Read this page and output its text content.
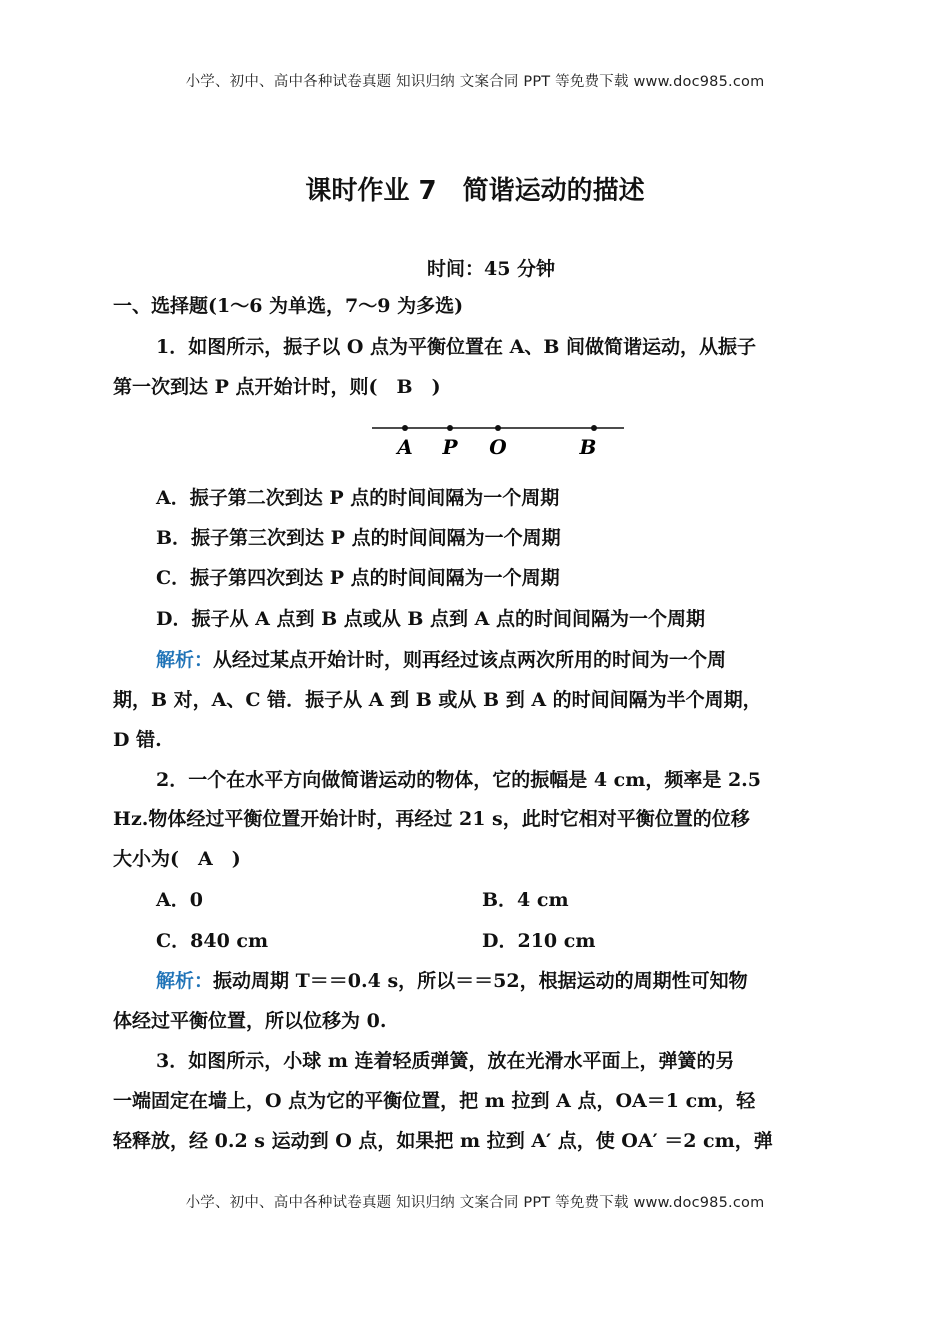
小学、初中、高中各种试卷真题 知识归纳 文案合同 PPT 等免费下载 www.doc985.com
课时作业 7　简谐运动的描述
时间：45 分钟
一、选择题(1～6 为单选，7～9 为多选)
1．如图所示，振子以 O 点为平衡位置在 A、B 间做简谐运动，从振子
第一次到达 P 点开始计时，则(　B　)
A P O	B
A．振子第二次到达 P 点的时间间隔为一个周期
B．振子第三次到达 P 点的时间间隔为一个周期
C．振子第四次到达 P 点的时间间隔为一个周期
D．振子从 A 点到 B 点或从 B 点到 A 点的时间间隔为一个周期
解析：从经过某点开始计时，则再经过该点两次所用的时间为一个周
期，B 对，A、C 错．振子从 A 到 B 或从 B 到 A 的时间间隔为半个周期，
D 错.
2．一个在水平方向做简谐运动的物体，它的振幅是 4 cm，频率是 2.5
Hz.物体经过平衡位置开始计时，再经过 21 s，此时它相对平衡位置的位移
大小为(　A　)
A．0	B．4 cm
C．840 cm	D．210 cm
解析：振动周期 T＝＝0.4 s，所以＝＝52，根据运动的周期性可知物
体经过平衡位置，所以位移为 0.
3．如图所示，小球 m 连着轻质弹簧，放在光滑水平面上，弹簧的另
一端固定在墙上，O 点为它的平衡位置，把 m 拉到 A 点，OA＝1 cm，轻
轻释放，经 0.2 s 运动到 O 点，如果把 m 拉到 A′ 点，使 OA′ ＝2 cm，弹
小学、初中、高中各种试卷真题 知识归纳 文案合同 PPT 等免费下载 www.doc985.com
